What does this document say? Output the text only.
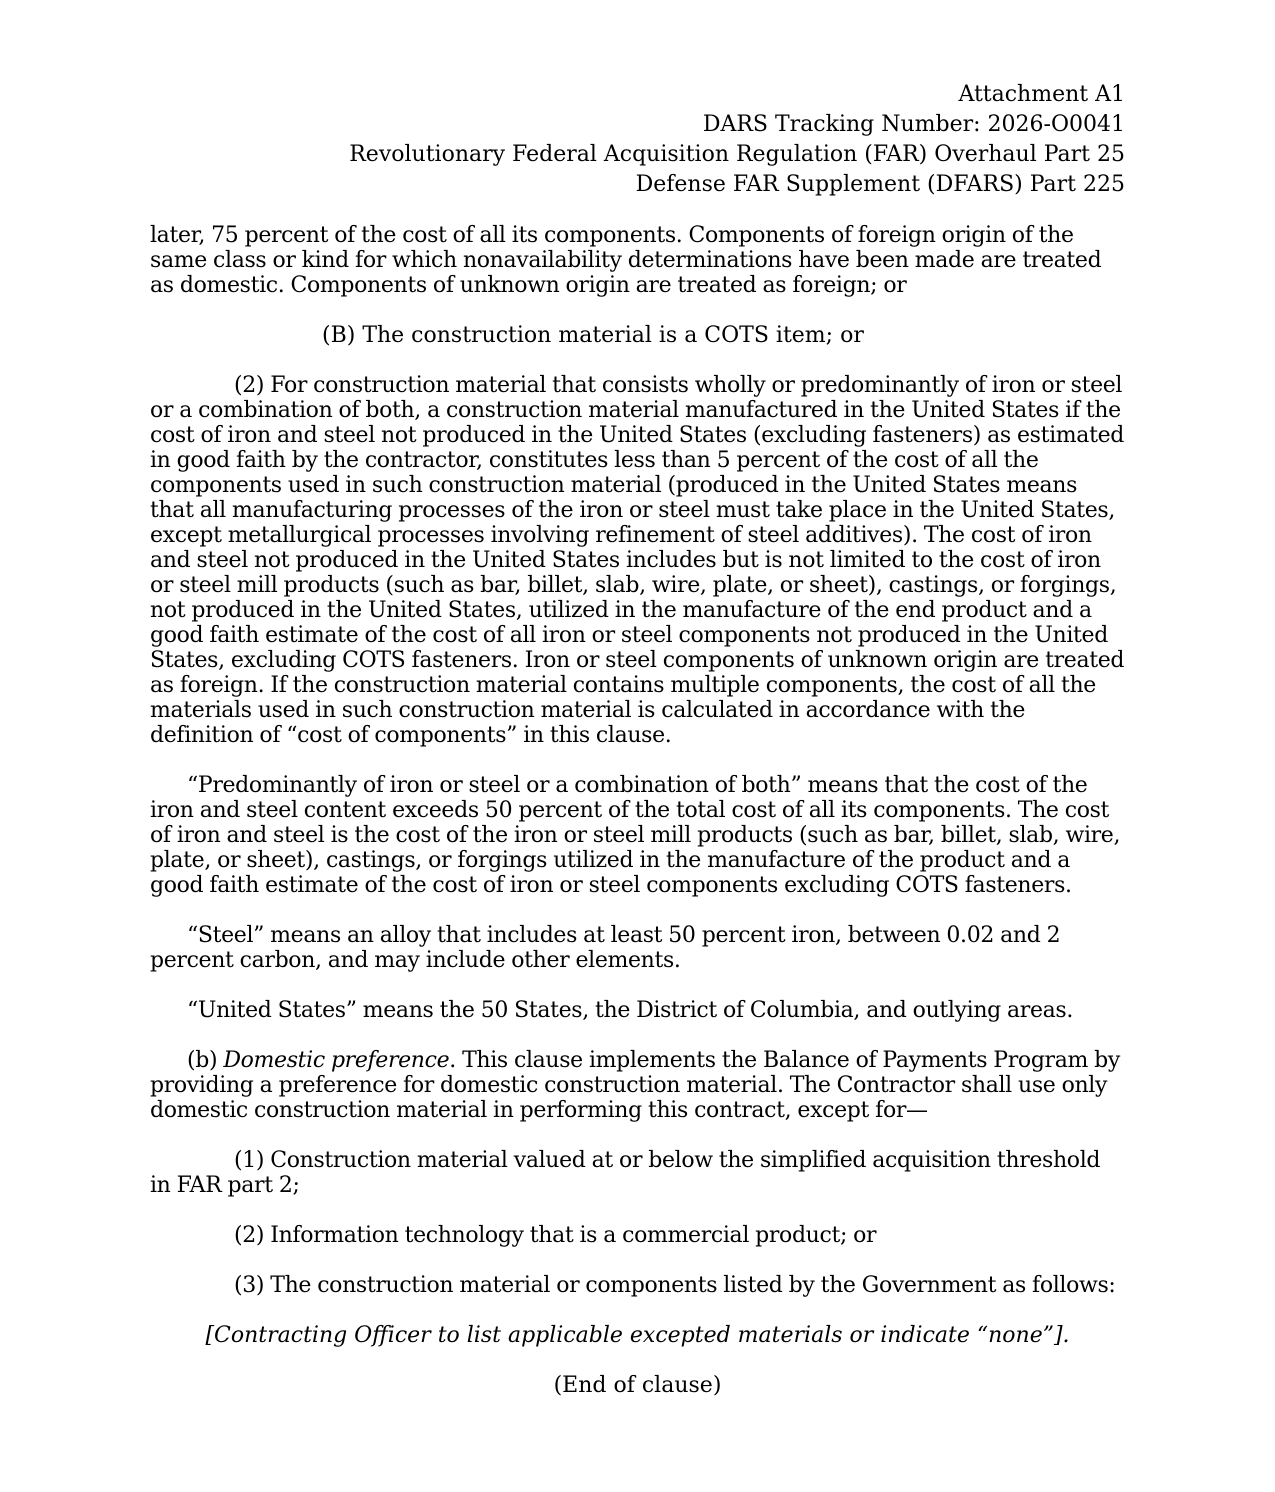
Attachment A1
DARS Tracking Number: 2026-O0041
Revolutionary Federal Acquisition Regulation (FAR) Overhaul Part 25
Defense FAR Supplement (DFARS) Part 225

later, 75 percent of the cost of all its components. Components of foreign origin of the same class or kind for which nonavailability determinations have been made are treated as domestic. Components of unknown origin are treated as foreign; or

(B) The construction material is a COTS item; or

(2) For construction material that consists wholly or predominantly of iron or steel or a combination of both, a construction material manufactured in the United States if the cost of iron and steel not produced in the United States (excluding fasteners) as estimated in good faith by the contractor, constitutes less than 5 percent of the cost of all the components used in such construction material (produced in the United States means that all manufacturing processes of the iron or steel must take place in the United States, except metallurgical processes involving refinement of steel additives). The cost of iron and steel not produced in the United States includes but is not limited to the cost of iron or steel mill products (such as bar, billet, slab, wire, plate, or sheet), castings, or forgings, not produced in the United States, utilized in the manufacture of the end product and a good faith estimate of the cost of all iron or steel components not produced in the United States, excluding COTS fasteners. Iron or steel components of unknown origin are treated as foreign. If the construction material contains multiple components, the cost of all the materials used in such construction material is calculated in accordance with the definition of “cost of components” in this clause.

“Predominantly of iron or steel or a combination of both” means that the cost of the iron and steel content exceeds 50 percent of the total cost of all its components. The cost of iron and steel is the cost of the iron or steel mill products (such as bar, billet, slab, wire, plate, or sheet), castings, or forgings utilized in the manufacture of the product and a good faith estimate of the cost of iron or steel components excluding COTS fasteners.

“Steel” means an alloy that includes at least 50 percent iron, between 0.02 and 2 percent carbon, and may include other elements.

“United States” means the 50 States, the District of Columbia, and outlying areas.

(b) Domestic preference. This clause implements the Balance of Payments Program by providing a preference for domestic construction material. The Contractor shall use only domestic construction material in performing this contract, except for—

(1) Construction material valued at or below the simplified acquisition threshold in FAR part 2;

(2) Information technology that is a commercial product; or

(3) The construction material or components listed by the Government as follows:

[Contracting Officer to list applicable excepted materials or indicate “none”].

(End of clause)
